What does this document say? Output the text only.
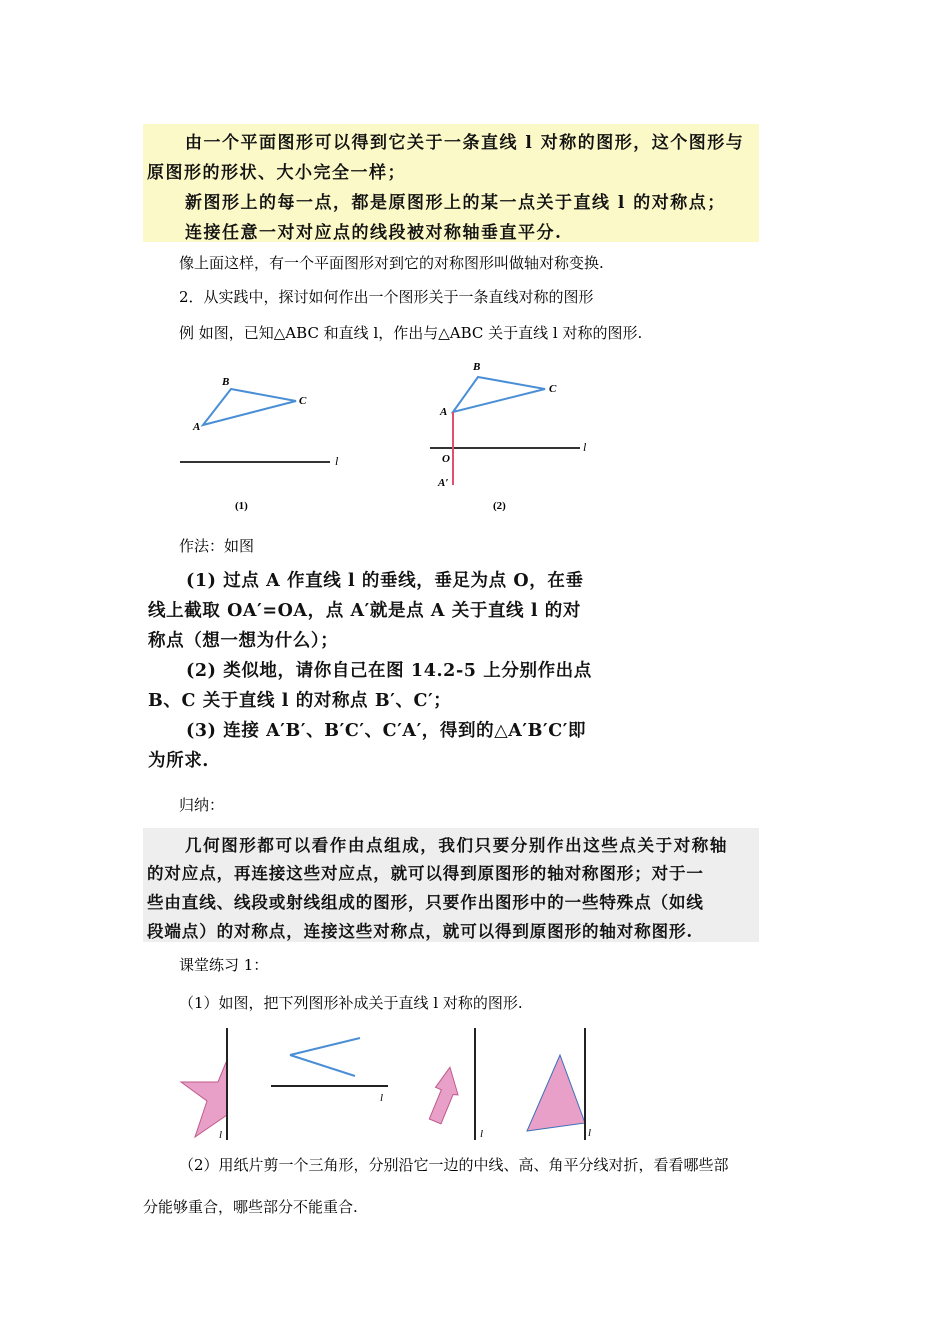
由一个平面图形可以得到它关于一条直线 l 对称的图形，这个图形与
原图形的形状、大小完全一样；
新图形上的每一点，都是原图形上的某一点关于直线 l 的对称点；
连接任意一对对应点的线段被对称轴垂直平分.
像上面这样，有一个平面图形对到它的对称图形叫做轴对称变换.
2．从实践中，探讨如何作出一个图形关于一条直线对称的图形
例 如图，已知△ABC 和直线 l，作出与△ABC 关于直线 l 对称的图形.
A
B
C
l
(1)
A
B
C
O
A′
l
(2)
作法：如图
(1) 过点 A 作直线 l 的垂线，垂足为点 O，在垂
线上截取 OA′=OA，点 A′就是点 A 关于直线 l 的对
称点（想一想为什么）；
(2) 类似地，请你自己在图 14.2-5 上分别作出点
B、C 关于直线 l 的对称点 B′、C′；
(3) 连接 A′B′、B′C′、C′A′，得到的△A′B′C′即
为所求.
归纳：
几何图形都可以看作由点组成，我们只要分别作出这些点关于对称轴
的对应点，再连接这些对应点，就可以得到原图形的轴对称图形；对于一
些由直线、线段或射线组成的图形，只要作出图形中的一些特殊点（如线
段端点）的对称点，连接这些对称点，就可以得到原图形的轴对称图形.
课堂练习 1：
（1）如图，把下列图形补成关于直线 l 对称的图形.
l
l
l	l
（2）用纸片剪一个三角形，分别沿它一边的中线、高、角平分线对折，看看哪些部
分能够重合，哪些部分不能重合.
